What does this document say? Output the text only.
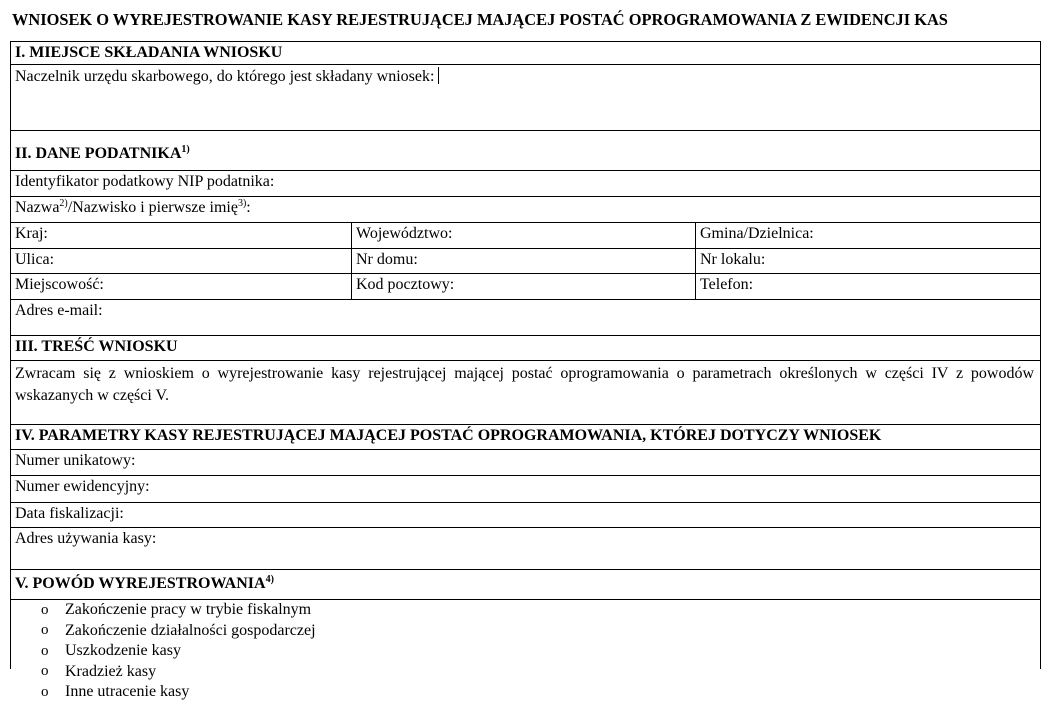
WNIOSEK O WYREJESTROWANIE KASY REJESTRUJĄCEJ MAJĄCEJ POSTAĆ OPROGRAMOWANIA Z EWIDENCJI KAS
I. MIEJSCE SKŁADANIA WNIOSKU
Naczelnik urzędu skarbowego, do którego jest składany wniosek:
II. DANE PODATNIKA$^{1)}$
Identyfikator podatkowy NIP podatnika:
Nazwa$^{2)}$/Nazwisko i pierwsze imię$^{3)}$:
Kraj:	Województwo:	Gmina/Dzielnica:
Ulica:	Nr domu:	Nr lokalu:
Miejscowość:	Kod pocztowy:	Telefon:
Adres e-mail:
III. TREŚĆ WNIOSKU
Zwracam się z wnioskiem o wyrejestrowanie kasy rejestrującej mającej postać oprogramowania o parametrach określonych w części IV z powodów wskazanych w części V.
IV. PARAMETRY KASY REJESTRUJĄCEJ MAJĄCEJ POSTAĆ OPROGRAMOWANIA, KTÓREJ DOTYCZY WNIOSEK
Numer unikatowy:
Numer ewidencyjny:
Data fiskalizacji:
Adres używania kasy:
V. POWÓD WYREJESTROWANIA$^{4)}$
o	Zakończenie pracy w trybie fiskalnym
o	Zakończenie działalności gospodarczej
o	Uszkodzenie kasy
o	Kradzież kasy
o	Inne utracenie kasy
